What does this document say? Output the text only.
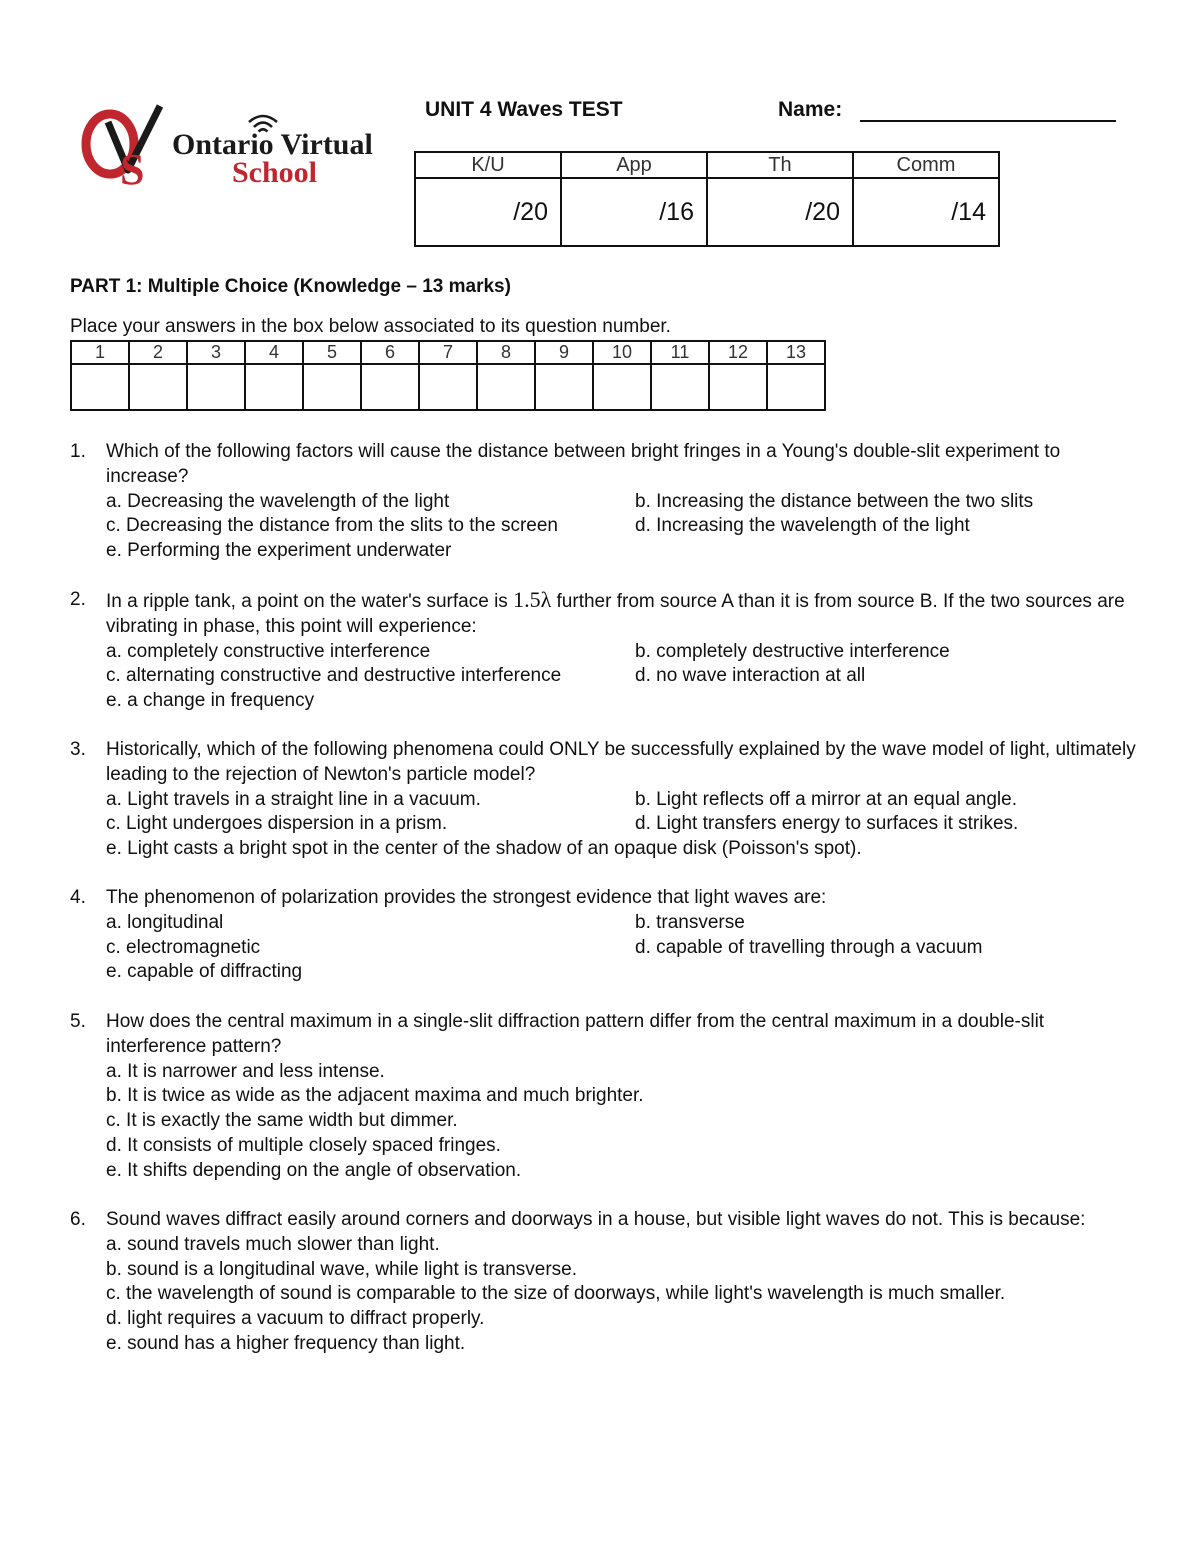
S
Ontario Virtual
School
UNIT 4 Waves TEST	Name:
K/U	App	Th	Comm
/20	/16	/20	/14
PART 1: Multiple Choice (Knowledge – 13 marks)
Place your answers in the box below associated to its question number.
1	2	3	4	5	6	7	8	9	10	11	12	13

1. Which of the following factors will cause the distance between bright fringes in a Young's double-slit experiment to increase?
a. Decreasing the wavelength of the light	b. Increasing the distance between the two slits
c. Decreasing the distance from the slits to the screen	d. Increasing the wavelength of the light
e. Performing the experiment underwater
2. In a ripple tank, a point on the water's surface is 1.5λ further from source A than it is from source B. If the two sources are vibrating in phase, this point will experience:
a. completely constructive interference	b. completely destructive interference
c. alternating constructive and destructive interference	d. no wave interaction at all
e. a change in frequency
3. Historically, which of the following phenomena could ONLY be successfully explained by the wave model of light, ultimately leading to the rejection of Newton's particle model?
a. Light travels in a straight line in a vacuum.	b. Light reflects off a mirror at an equal angle.
c. Light undergoes dispersion in a prism.	d. Light transfers energy to surfaces it strikes.
e. Light casts a bright spot in the center of the shadow of an opaque disk (Poisson's spot).
4. The phenomenon of polarization provides the strongest evidence that light waves are:
a. longitudinal	b. transverse
c. electromagnetic	d. capable of travelling through a vacuum
e. capable of diffracting
5. How does the central maximum in a single-slit diffraction pattern differ from the central maximum in a double-slit interference pattern?
a. It is narrower and less intense.
b. It is twice as wide as the adjacent maxima and much brighter.
c. It is exactly the same width but dimmer.
d. It consists of multiple closely spaced fringes.
e. It shifts depending on the angle of observation.
6. Sound waves diffract easily around corners and doorways in a house, but visible light waves do not. This is because:
a. sound travels much slower than light.
b. sound is a longitudinal wave, while light is transverse.
c. the wavelength of sound is comparable to the size of doorways, while light's wavelength is much smaller.
d. light requires a vacuum to diffract properly.
e. sound has a higher frequency than light.
